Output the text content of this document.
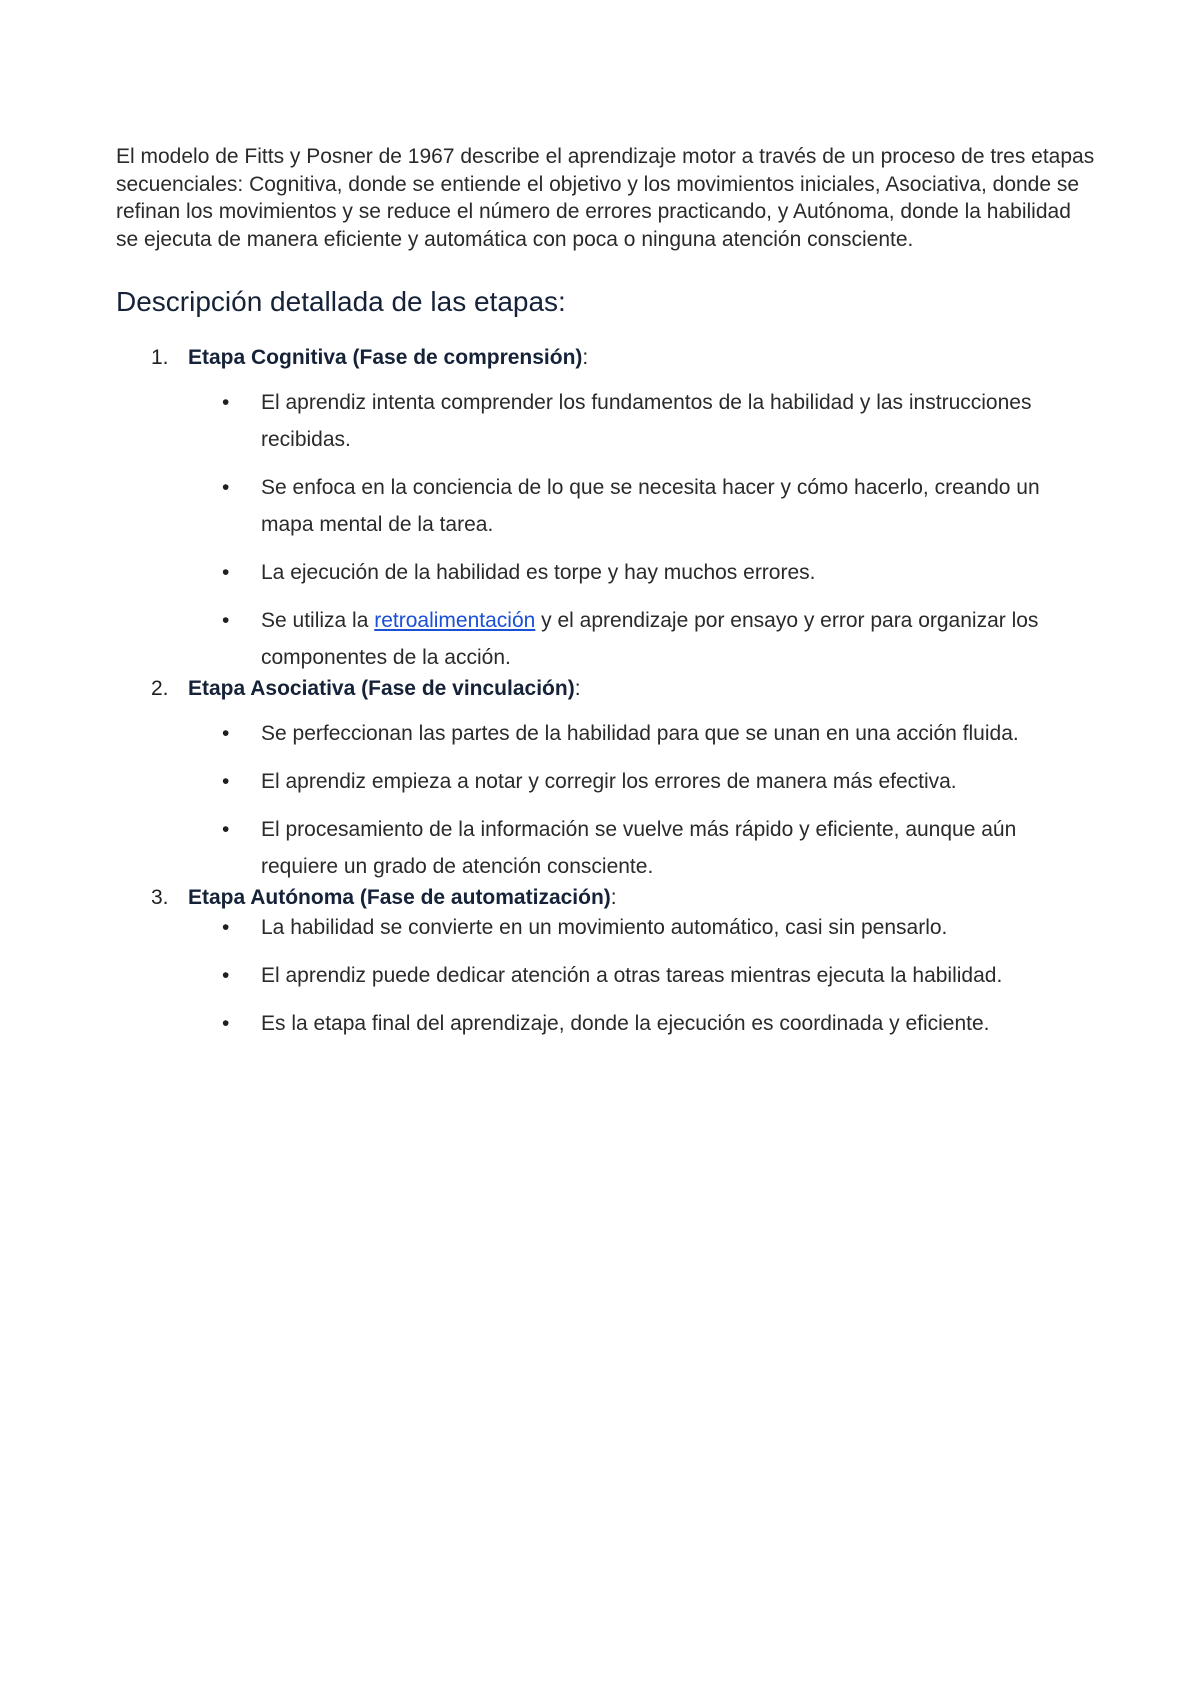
El modelo de Fitts y Posner de 1967 describe el aprendizaje motor a través de un proceso de tres etapas secuenciales: Cognitiva, donde se entiende el objetivo y los movimientos iniciales, Asociativa, donde se refinan los movimientos y se reduce el número de errores practicando, y Autónoma, donde la habilidad se ejecuta de manera eficiente y automática con poca o ninguna atención consciente.

Descripción detallada de las etapas:
1. Etapa Cognitiva (Fase de comprensión):
• El aprendiz intenta comprender los fundamentos de la habilidad y las instrucciones recibidas.
• Se enfoca en la conciencia de lo que se necesita hacer y cómo hacerlo, creando un mapa mental de la tarea.
• La ejecución de la habilidad es torpe y hay muchos errores.
• Se utiliza la retroalimentación y el aprendizaje por ensayo y error para organizar los componentes de la acción.
2. Etapa Asociativa (Fase de vinculación):
• Se perfeccionan las partes de la habilidad para que se unan en una acción fluida.
• El aprendiz empieza a notar y corregir los errores de manera más efectiva.
• El procesamiento de la información se vuelve más rápido y eficiente, aunque aún requiere un grado de atención consciente.
3. Etapa Autónoma (Fase de automatización):
• La habilidad se convierte en un movimiento automático, casi sin pensarlo.
• El aprendiz puede dedicar atención a otras tareas mientras ejecuta la habilidad.
• Es la etapa final del aprendizaje, donde la ejecución es coordinada y eficiente.
